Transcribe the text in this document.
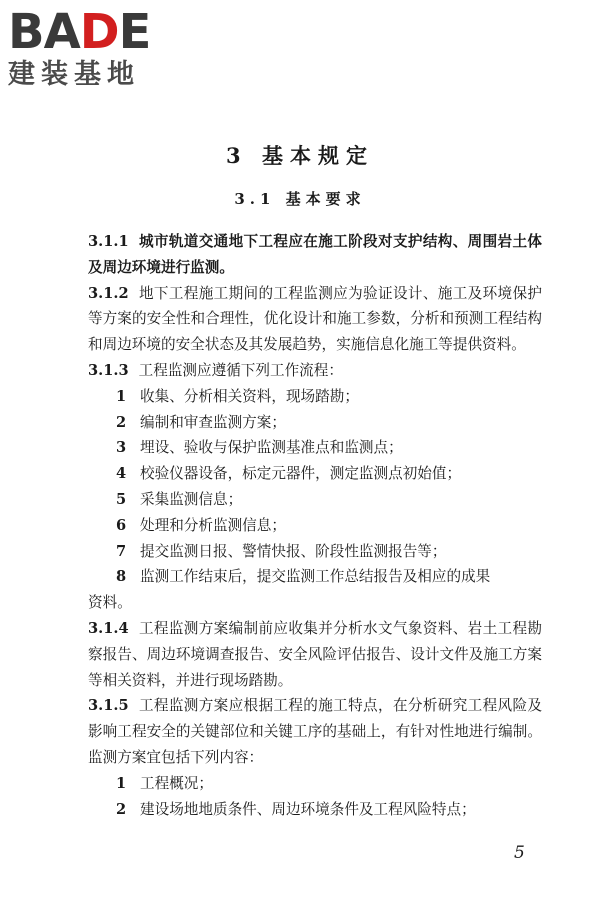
BADE
建装基地
3 基本规定
3.1 基本要求

3.1.1 城市轨道交通地下工程应在施工阶段对支护结构、周围岩土体及周边环境进行监测。

3.1.2 地下工程施工期间的工程监测应为验证设计、施工及环境保护等方案的安全性和合理性，优化设计和施工参数，分析和预测工程结构和周边环境的安全状态及其发展趋势，实施信息化施工等提供资料。

3.1.3 工程监测应遵循下列工作流程：

1 收集、分析相关资料，现场踏勘；

2 编制和审查监测方案；

3 埋设、验收与保护监测基准点和监测点；

4 校验仪器设备，标定元器件，测定监测点初始值；

5 采集监测信息；

6 处理和分析监测信息；

7 提交监测日报、警情快报、阶段性监测报告等；

8 监测工作结束后，提交监测工作总结报告及相应的成果

资料。

3.1.4 工程监测方案编制前应收集并分析水文气象资料、岩土工程勘察报告、周边环境调查报告、安全风险评估报告、设计文件及施工方案等相关资料，并进行现场踏勘。

3.1.5 工程监测方案应根据工程的施工特点，在分析研究工程风险及影响工程安全的关键部位和关键工序的基础上，有针对性地进行编制。监测方案宜包括下列内容：

1 工程概况；

2 建设场地地质条件、周边环境条件及工程风险特点；

5
